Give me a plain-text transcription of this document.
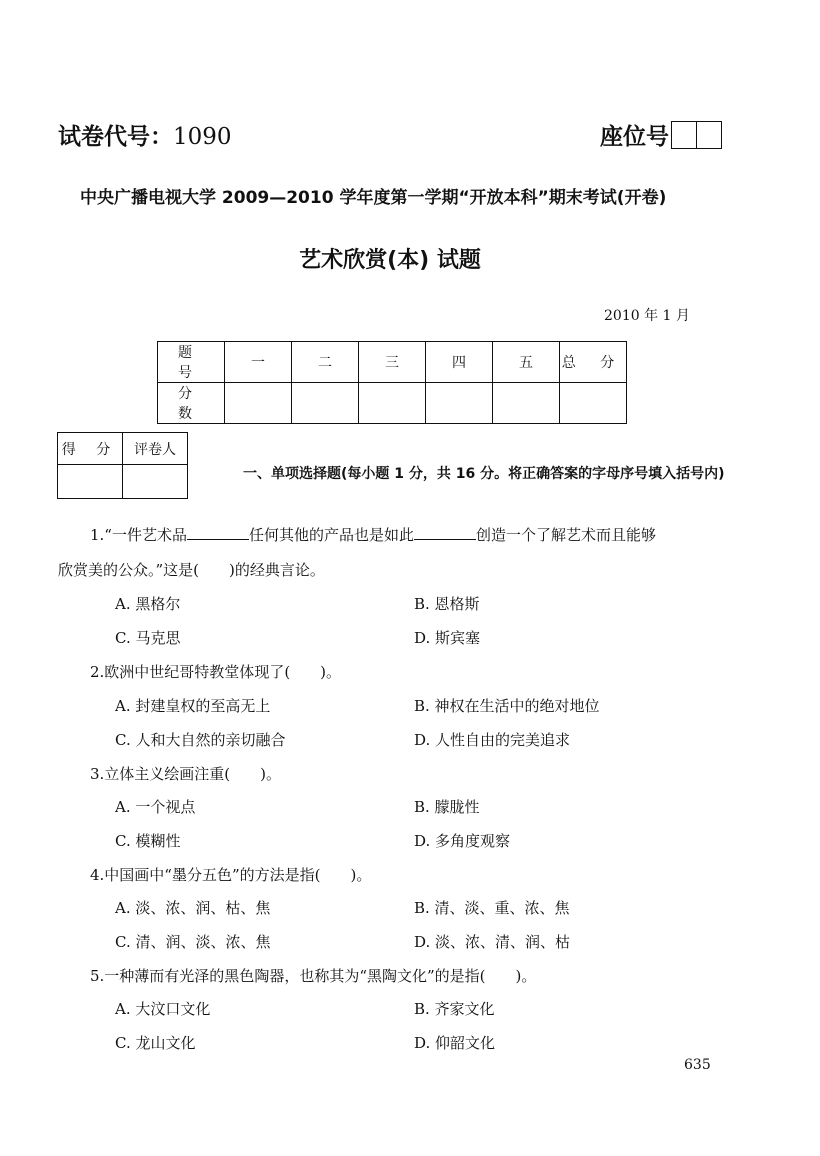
试卷代号：1090	座位号
中央广播电视大学 2009—2010 学年度第一学期“开放本科”期末考试(开卷)
艺术欣赏(本) 试题
2010 年 1 月
题 号	一	二	三	四	五	总 分
分 数						
得 分	评卷人

一、单项选择题(每小题 1 分，共 16 分。将正确答案的字母序号填入括号内)
1.“一件艺术品	任何其他的产品也是如此	创造一个了解艺术而且能够
欣赏美的公众。”这是(　　)的经典言论。
A. 黑格尔	B. 恩格斯
C. 马克思	D. 斯宾塞
2.欧洲中世纪哥特教堂体现了(　　)。
A. 封建皇权的至高无上	B. 神权在生活中的绝对地位
C. 人和大自然的亲切融合	D. 人性自由的完美追求
3.立体主义绘画注重(　　)。
A. 一个视点	B. 朦胧性
C. 模糊性	D. 多角度观察
4.中国画中“墨分五色”的方法是指(　　)。
A. 淡、浓、润、枯、焦	B. 清、淡、重、浓、焦
C. 清、润、淡、浓、焦	D. 淡、浓、清、润、枯
5.一种薄而有光泽的黑色陶器，也称其为“黑陶文化”的是指(　　)。
A. 大汶口文化	B. 齐家文化
C. 龙山文化	D. 仰韶文化
635
